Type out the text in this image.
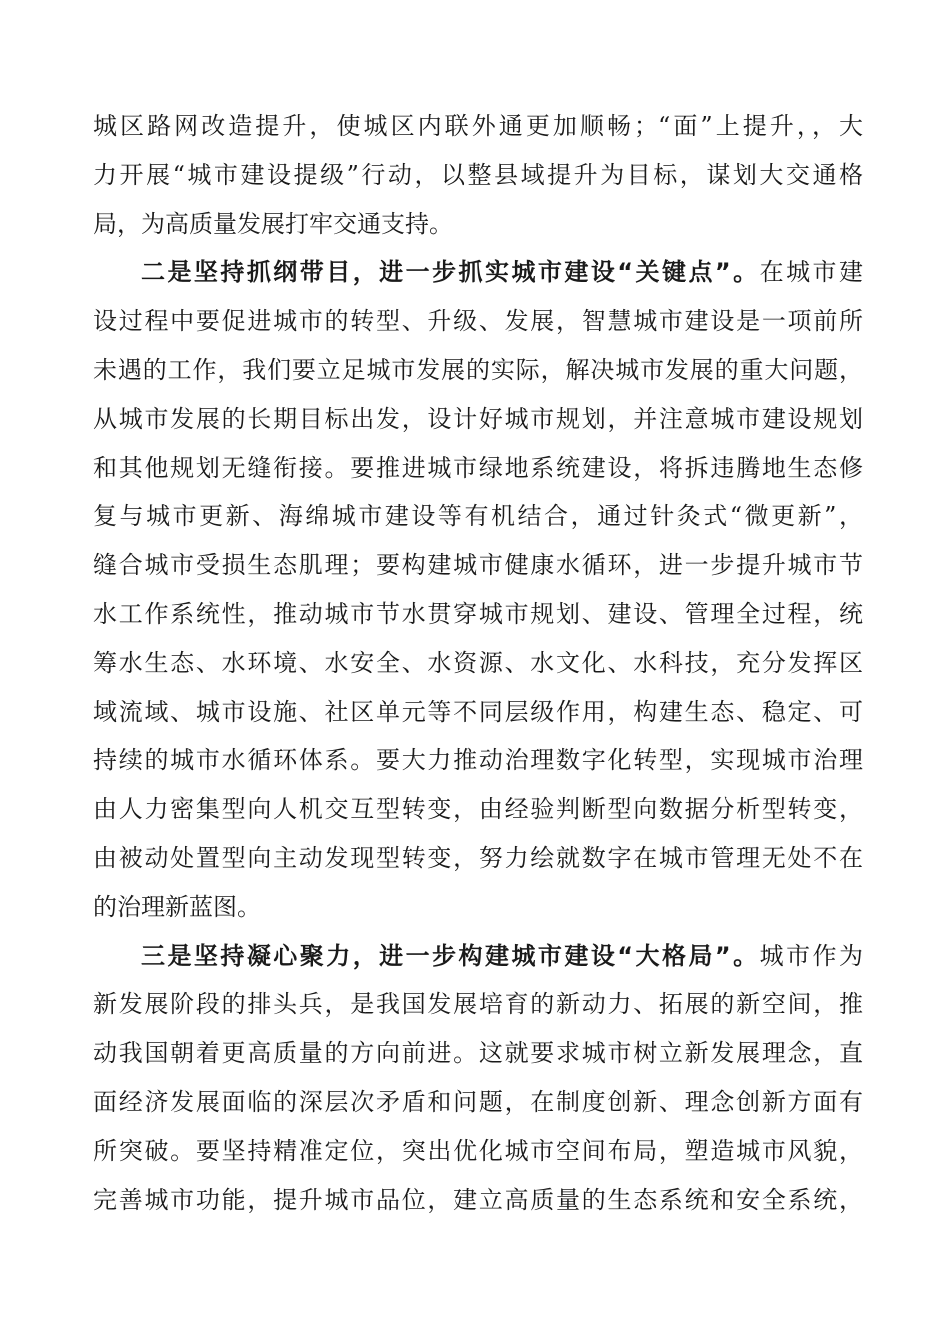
城区路网改造提升，使城区内联外通更加顺畅；“面”上提升，，大
力开展“城市建设提级”行动，以整县域提升为目标，谋划大交通格
局，为高质量发展打牢交通支持。
二是坚持抓纲带目，进一步抓实城市建设“关键点”。在城市建
设过程中要促进城市的转型、升级、发展，智慧城市建设是一项前所
未遇的工作，我们要立足城市发展的实际，解决城市发展的重大问题，
从城市发展的长期目标出发，设计好城市规划，并注意城市建设规划
和其他规划无缝衔接。要推进城市绿地系统建设，将拆违腾地生态修
复与城市更新、海绵城市建设等有机结合，通过针灸式“微更新”，
缝合城市受损生态肌理；要构建城市健康水循环，进一步提升城市节
水工作系统性，推动城市节水贯穿城市规划、建设、管理全过程，统
筹水生态、水环境、水安全、水资源、水文化、水科技，充分发挥区
域流域、城市设施、社区单元等不同层级作用，构建生态、稳定、可
持续的城市水循环体系。要大力推动治理数字化转型，实现城市治理
由人力密集型向人机交互型转变，由经验判断型向数据分析型转变，
由被动处置型向主动发现型转变，努力绘就数字在城市管理无处不在
的治理新蓝图。
三是坚持凝心聚力，进一步构建城市建设“大格局”。城市作为
新发展阶段的排头兵，是我国发展培育的新动力、拓展的新空间，推
动我国朝着更高质量的方向前进。这就要求城市树立新发展理念，直
面经济发展面临的深层次矛盾和问题，在制度创新、理念创新方面有
所突破。要坚持精准定位，突出优化城市空间布局，塑造城市风貌，
完善城市功能，提升城市品位，建立高质量的生态系统和安全系统，
